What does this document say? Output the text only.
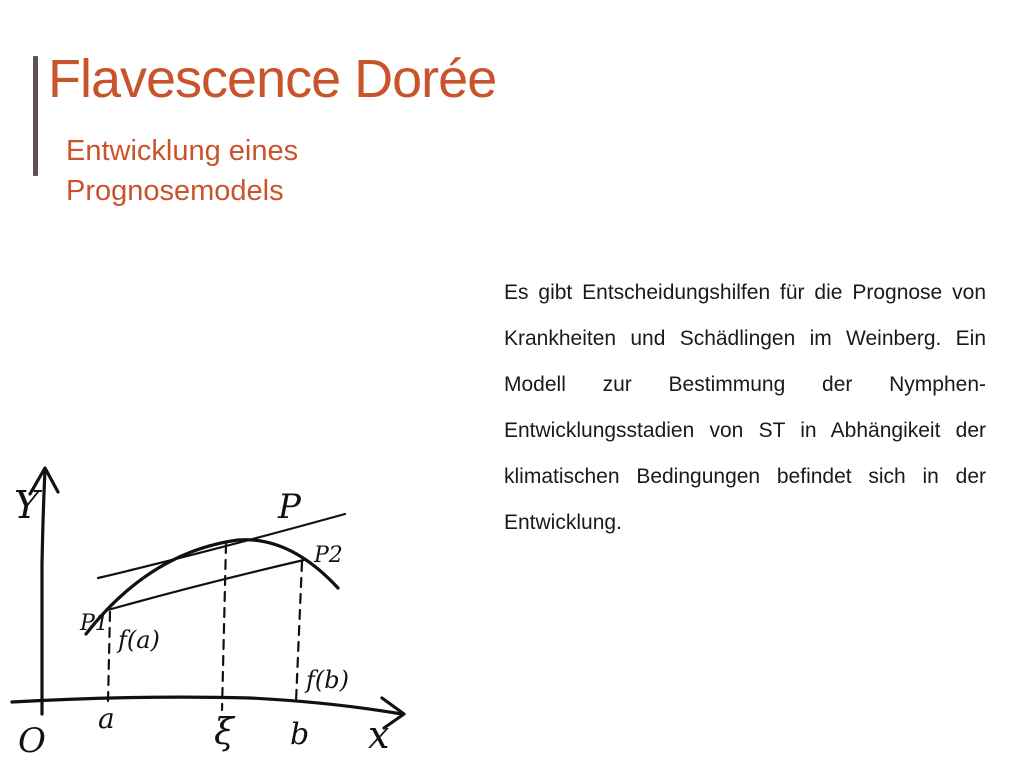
Flavescence Dorée
Entwicklung eines Prognosemodels

Es gibt Entscheidungshilfen für die Prognose von Krankheiten und Schädlingen im Weinberg. Ein Modell zur Bestimmung der Nymphen-Entwicklungsstadien von ST in Abhängikeit der klimatischen Bedingungen befindet sich in der Entwicklung.

Y	P
P1
P2
f(a)
f(b)
O
a	ξ b x
